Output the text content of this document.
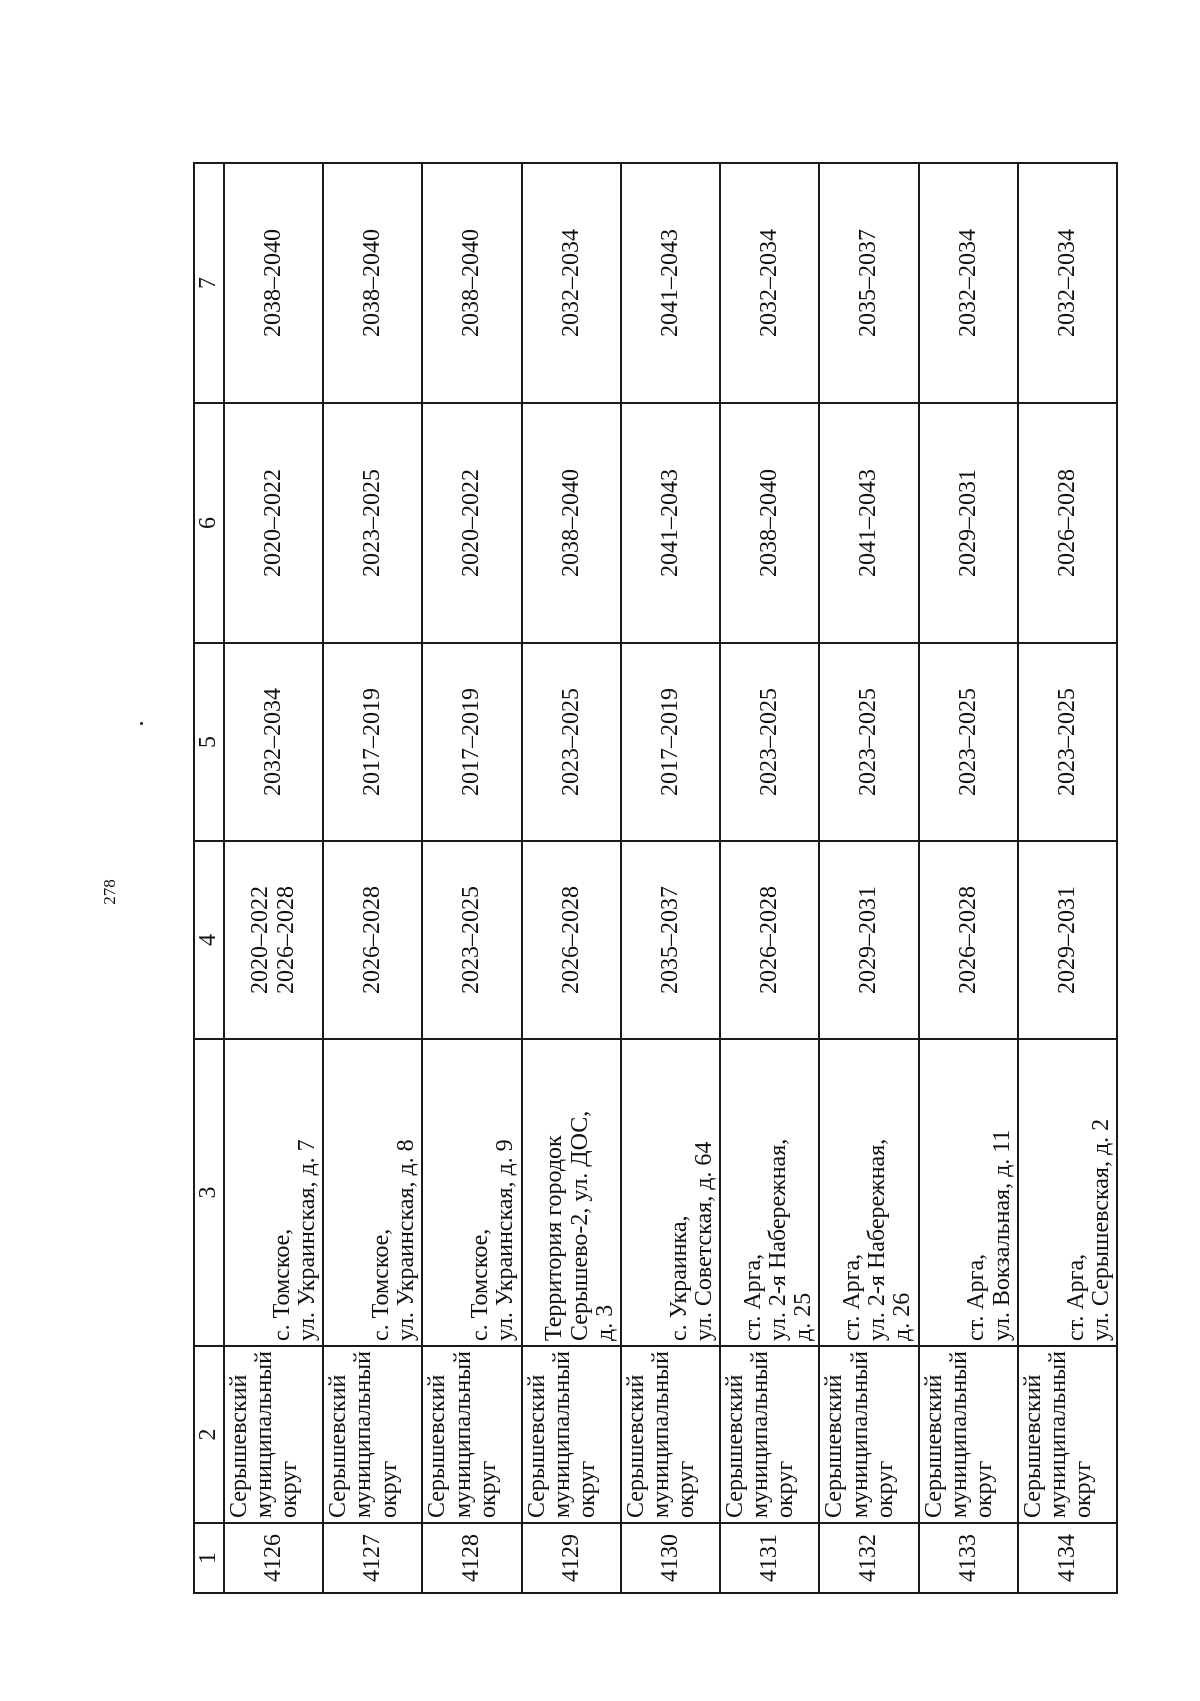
278
1	2	3	4	5	6	7

4126	Серышевский муниципальный округ	с. Томское, ул. Украинская, д. 7	2020–2022 2026–2028	2032–2034	2020–2022	2038–2040

4127	Серышевский муниципальный округ	с. Томское, ул. Украинская, д. 8	2026–2028	2017–2019	2023–2025	2038–2040

4128	Серышевский муниципальный округ	с. Томское, ул. Украинская, д. 9	2023–2025	2017–2019	2020–2022	2038–2040

4129	Серышевский муниципальный округ	Территория городок Серышево-2, ул. ДОС, д. 3	2026–2028	2023–2025	2038–2040	2032–2034

4130	Серышевский муниципальный округ	с. Украинка, ул. Советская, д. 64	2035–2037	2017–2019	2041–2043	2041–2043

4131	Серышевский муниципальный округ	ст. Арга, ул. 2-я Набережная, д. 25	2026–2028	2023–2025	2038–2040	2032–2034

4132	Серышевский муниципальный округ	ст. Арга, ул. 2-я Набережная, д. 26	2029–2031	2023–2025	2041–2043	2035–2037

4133	Серышевский муниципальный округ	ст. Арга, ул. Вокзальная, д. 11	2026–2028	2023–2025	2029–2031	2032–2034

4134	Серышевский муниципальный округ	ст. Арга, ул. Серышевская, д. 2	2029–2031	2023–2025	2026–2028	2032–2034
